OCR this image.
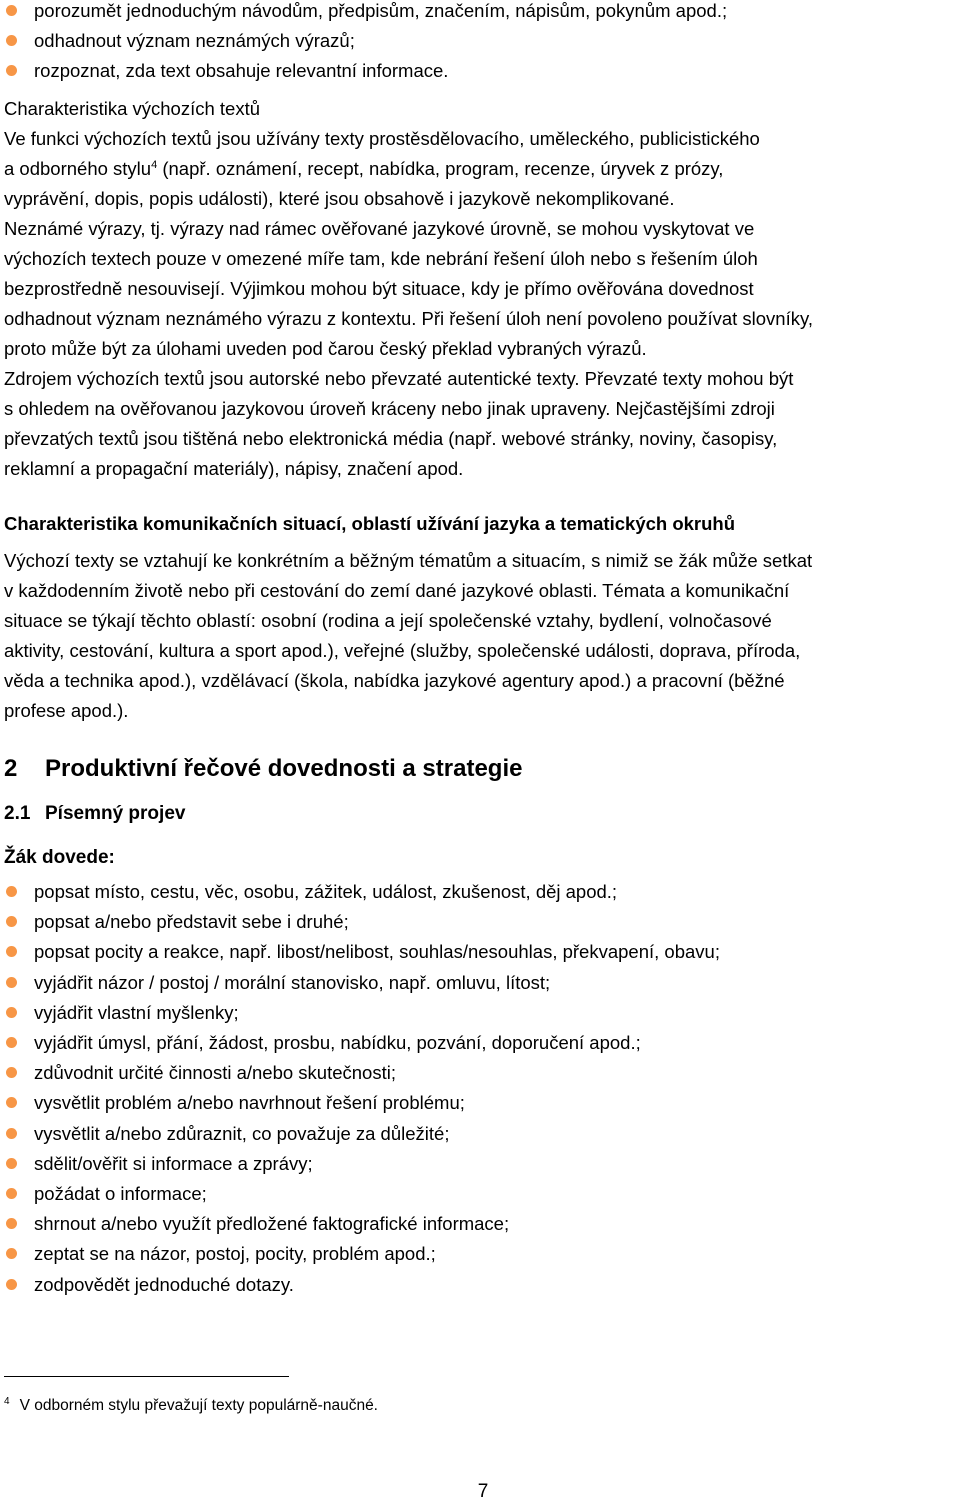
porozumět jednoduchým návodům, předpisům, značením, nápisům, pokynům apod.;
odhadnout význam neznámých výrazů;
rozpoznat, zda text obsahuje relevantní informace.
Charakteristika výchozích textů
Ve funkci výchozích textů jsou užívány texty prostěsdělovacího, uměleckého, publicistického
a odborného stylu$^4$ (např. oznámení, recept, nabídka, program, recenze, úryvek z prózy,
vyprávění, dopis, popis události), které jsou obsahově i jazykově nekomplikované.
Neznámé výrazy, tj. výrazy nad rámec ověřované jazykové úrovně, se mohou vyskytovat ve
výchozích textech pouze v omezené míře tam, kde nebrání řešení úloh nebo s řešením úloh
bezprostředně nesouvisejí. Výjimkou mohou být situace, kdy je přímo ověřována dovednost
odhadnout význam neznámého výrazu z kontextu. Při řešení úloh není povoleno používat slovníky,
proto může být za úlohami uveden pod čarou český překlad vybraných výrazů.
Zdrojem výchozích textů jsou autorské nebo převzaté autentické texty. Převzaté texty mohou být
s ohledem na ověřovanou jazykovou úroveň kráceny nebo jinak upraveny. Nejčastějšími zdroji
převzatých textů jsou tištěná nebo elektronická média (např. webové stránky, noviny, časopisy,
reklamní a propagační materiály), nápisy, značení apod.
Charakteristika komunikačních situací, oblastí užívání jazyka a tematických okruhů
Výchozí texty se vztahují ke konkrétním a běžným tématům a situacím, s nimiž se žák může setkat
v každodenním životě nebo při cestování do zemí dané jazykové oblasti. Témata a komunikační
situace se týkají těchto oblastí: osobní (rodina a její společenské vztahy, bydlení, volnočasové
aktivity, cestování, kultura a sport apod.), veřejné (služby, společenské události, doprava, příroda,
věda a technika apod.), vzdělávací (škola, nabídka jazykové agentury apod.) a pracovní (běžné
profese apod.).
2 Produktivní řečové dovednosti a strategie
2.1 Písemný projev
Žák dovede:
popsat místo, cestu, věc, osobu, zážitek, událost, zkušenost, děj apod.;
popsat a/nebo představit sebe i druhé;
popsat pocity a reakce, např. libost/nelibost, souhlas/nesouhlas, překvapení, obavu;
vyjádřit názor / postoj / morální stanovisko, např. omluvu, lítost;
vyjádřit vlastní myšlenky;
vyjádřit úmysl, přání, žádost, prosbu, nabídku, pozvání, doporučení apod.;
zdůvodnit určité činnosti a/nebo skutečnosti;
vysvětlit problém a/nebo navrhnout řešení problému;
vysvětlit a/nebo zdůraznit, co považuje za důležité;
sdělit/ověřit si informace a zprávy;
požádat o informace;
shrnout a/nebo využít předložené faktografické informace;
zeptat se na názor, postoj, pocity, problém apod.;
zodpovědět jednoduché dotazy.
$^4$ V odborném stylu převažují texty populárně-naučné.
7
